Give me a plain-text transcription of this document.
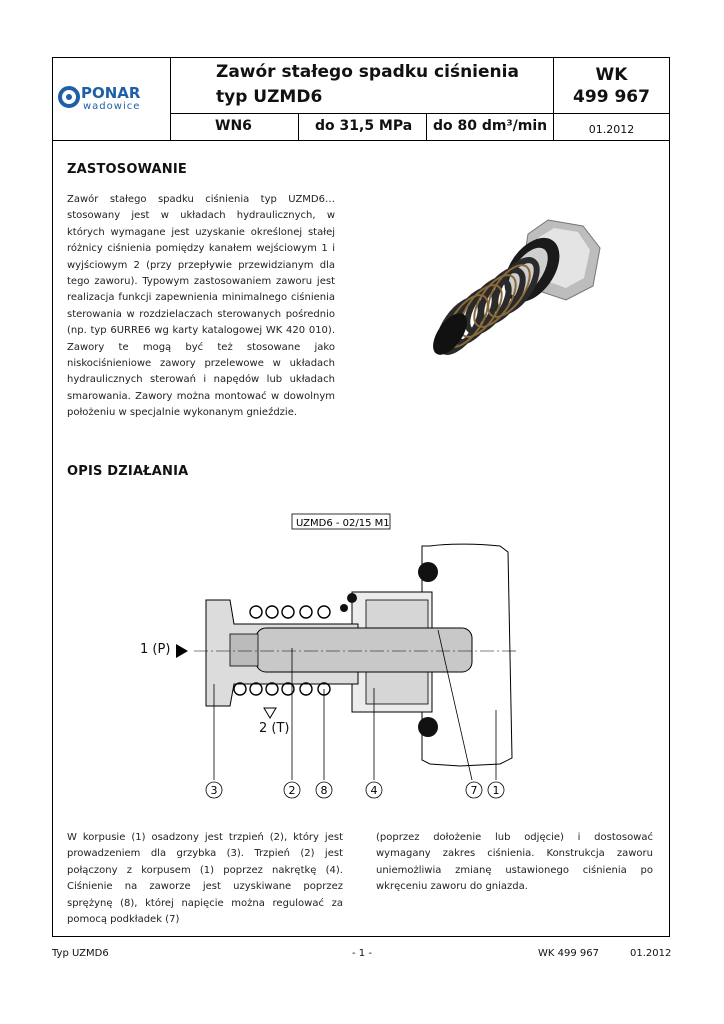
PONAR
wadowice
Zawór stałego spadku ciśnienia
typ UZMD6
WK
499 967
WN6	do 31,5 MPa do 80 dm³/min	01.2012
ZASTOSOWANIE
Zawór stałego spadku ciśnienia typ UZMD6… stosowany jest w układach hydraulicznych, w których wymagane jest uzyskanie określonej stałej różnicy ciśnienia pomiędzy kanałem wejściowym 1 i wyjściowym 2 (przy przepływie przewidzianym dla tego zaworu). Typowym zastosowaniem zaworu jest realizacja funkcji zapewnienia minimalnego ciśnienia sterowania w rozdzielaczach sterowanych pośrednio (np. typ 6URRE6 wg karty katalogowej WK 420 010). Zawory te mogą być też stosowane jako niskociśnieniowe zawory przelewowe w układach hydraulicznych sterowań i napędów lub układach smarowania. Zawory można montować w dowolnym położeniu w specjalnie wykonanym gnieździe.
OPIS DZIAŁANIA
UZMD6 - 02/15 M1
3	2 8	4	7 1
1 (P)
2 (T)
W korpusie (1) osadzony jest trzpień (2), który jest prowadzeniem dla grzybka (3). Trzpień (2) jest połączony z korpusem (1) poprzez nakrętkę (4). Ciśnienie na zaworze jest uzyskiwane poprzez sprężynę (8), której napięcie można regulować za pomocą podkładek (7)
(poprzez dołożenie lub odjęcie) i dostosować wymagany zakres ciśnienia. Konstrukcja zaworu uniemożliwia zmianę ustawionego ciśnienia po wkręceniu zaworu do gniazda.
Typ UZMD6	- 1 -	WK 499 967	01.2012
